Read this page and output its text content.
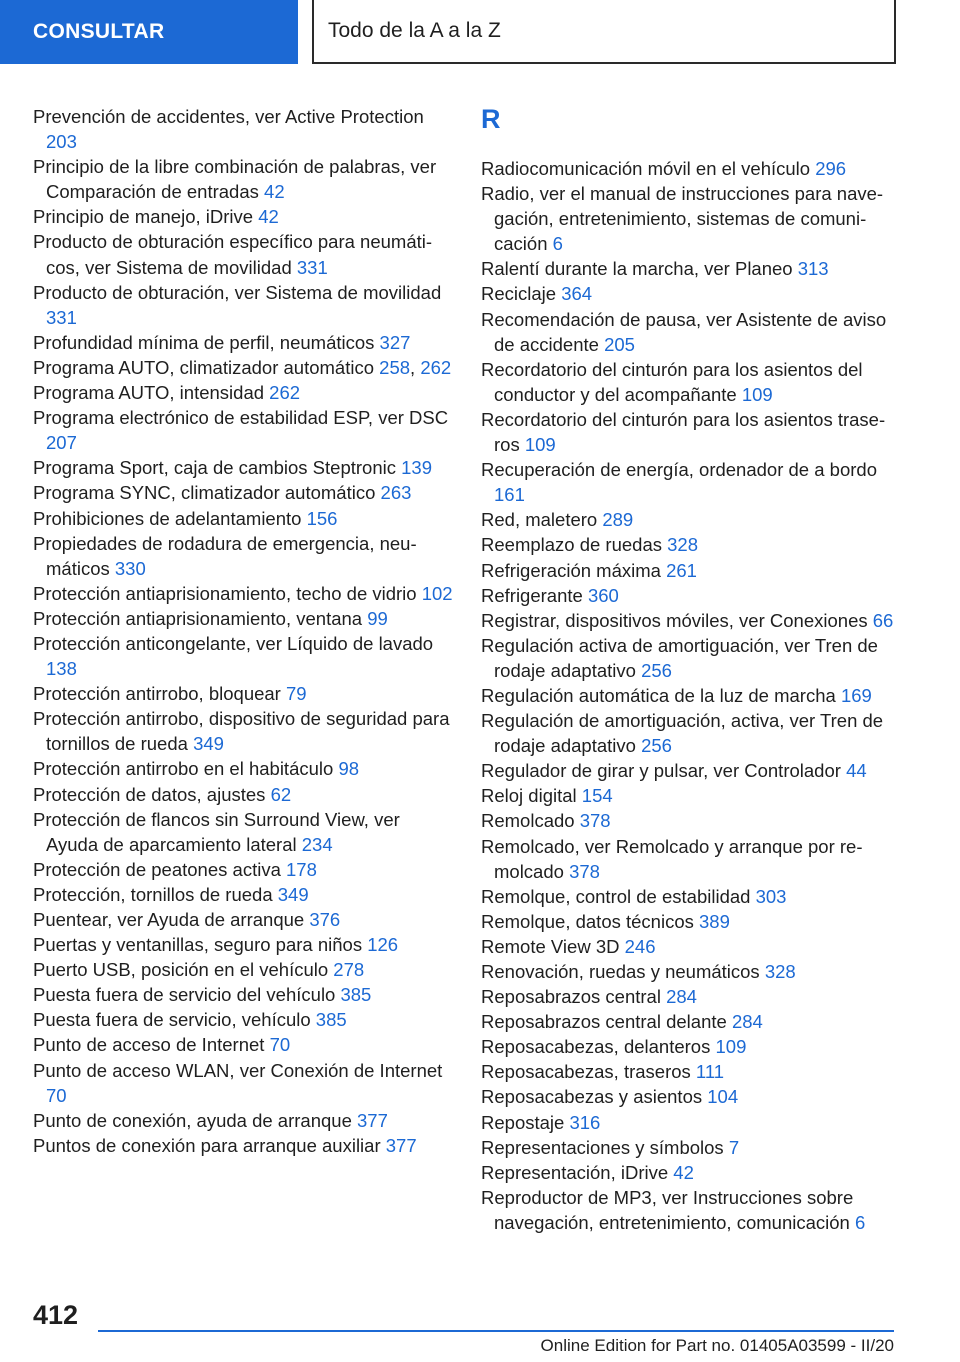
CONSULTAR	Todo de la A a la Z
Prevención de accidentes, ver Active Protection 203
Principio de la libre combinación de palabras, ver Comparación de entradas 42
Principio de manejo, iDrive 42
Producto de obturación específico para neumáticos, ver Sistema de movilidad 331
Producto de obturación, ver Sistema de movilidad 331
Profundidad mínima de perfil, neumáticos 327
Programa AUTO, climatizador automático 258, 262
Programa AUTO, intensidad 262
Programa electrónico de estabilidad ESP, ver DSC 207
Programa Sport, caja de cambios Steptronic 139
Programa SYNC, climatizador automático 263
Prohibiciones de adelantamiento 156
Propiedades de rodadura de emergencia, neumáticos 330
Protección antiaprisionamiento, techo de vidrio 102
Protección antiaprisionamiento, ventana 99
Protección anticongelante, ver Líquido de lavado 138
Protección antirrobo, bloquear 79
Protección antirrobo, dispositivo de seguridad para tornillos de rueda 349
Protección antirrobo en el habitáculo 98
Protección de datos, ajustes 62
Protección de flancos sin Surround View, ver Ayuda de aparcamiento lateral 234
Protección de peatones activa 178
Protección, tornillos de rueda 349
Puentear, ver Ayuda de arranque 376
Puertas y ventanillas, seguro para niños 126
Puerto USB, posición en el vehículo 278
Puesta fuera de servicio del vehículo 385
Puesta fuera de servicio, vehículo 385
Punto de acceso de Internet 70
Punto de acceso WLAN, ver Conexión de Internet 70
Punto de conexión, ayuda de arranque 377
Puntos de conexión para arranque auxiliar 377
R
Radiocomunicación móvil en el vehículo 296
Radio, ver el manual de instrucciones para navegación, entretenimiento, sistemas de comunicación 6
Ralentí durante la marcha, ver Planeo 313
Reciclaje 364
Recomendación de pausa, ver Asistente de aviso de accidente 205
Recordatorio del cinturón para los asientos del conductor y del acompañante 109
Recordatorio del cinturón para los asientos traseros 109
Recuperación de energía, ordenador de a bordo 161
Red, maletero 289
Reemplazo de ruedas 328
Refrigeración máxima 261
Refrigerante 360
Registrar, dispositivos móviles, ver Conexiones 66
Regulación activa de amortiguación, ver Tren de rodaje adaptativo 256
Regulación automática de la luz de marcha 169
Regulación de amortiguación, activa, ver Tren de rodaje adaptativo 256
Regulador de girar y pulsar, ver Controlador 44
Reloj digital 154
Remolcado 378
Remolcado, ver Remolcado y arranque por remolcado 378
Remolque, control de estabilidad 303
Remolque, datos técnicos 389
Remote View 3D 246
Renovación, ruedas y neumáticos 328
Reposabrazos central 284
Reposabrazos central delante 284
Reposacabezas, delanteros 109
Reposacabezas, traseros 111
Reposacabezas y asientos 104
Repostaje 316
Representaciones y símbolos 7
Representación, iDrive 42
Reproductor de MP3, ver Instrucciones sobre navegación, entretenimiento, comunicación 6
412
Online Edition for Part no. 01405A03599 - II/20
